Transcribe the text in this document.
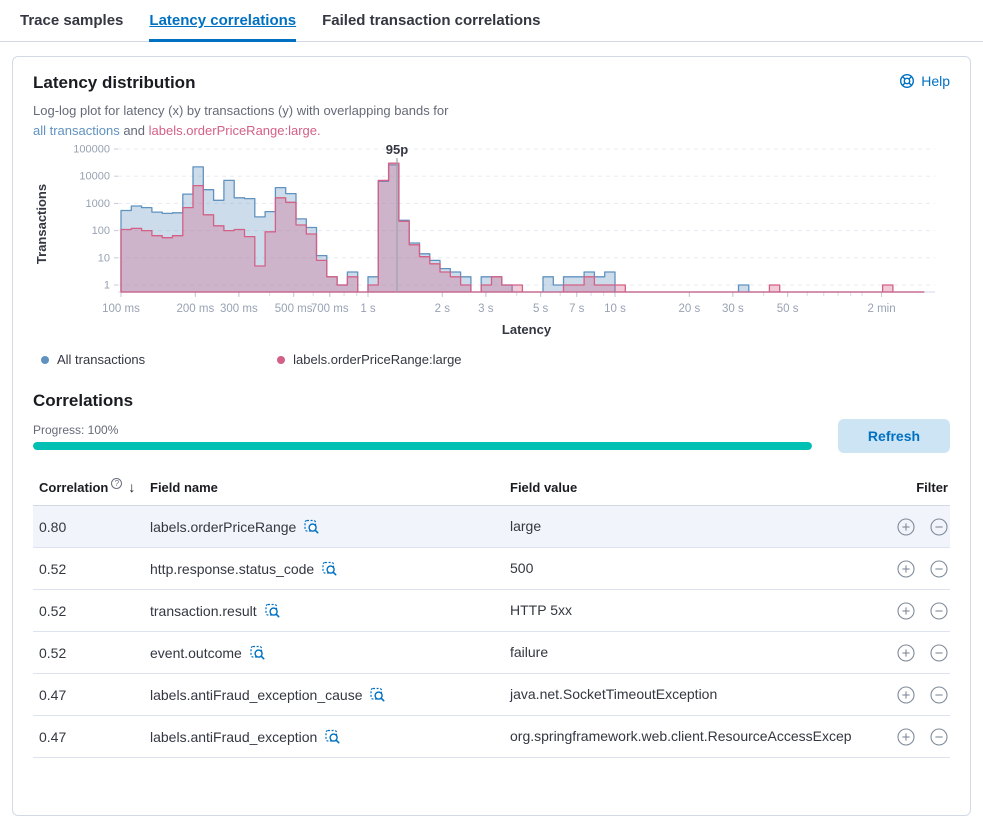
Trace samples Latency correlations Failed transaction correlations
Latency distribution	Help
Log-log plot for latency (x) by transactions (y) with overlapping bands for
all transactions and labels.orderPriceRange:large.
1
10
100
1000
10000
100000
100 ms	200 ms 300 ms 500 ms
700 ms 1 s	2 s 3 s	5 s 7 s 10 s	20 s 30 s	50 s	2 min
Transactions
Latency
95p
All transactions	labels.orderPriceRange:large
Correlations
Progress: 100%	Refresh
Correlation ? ↓ Field name	Field value	Filter
0.80	labels.orderPriceRange	large
0.52	http.response.status_code	500
0.52	transaction.result	HTTP 5xx
0.52	event.outcome	failure
0.47	labels.antiFraud_exception_cause	java.net.SocketTimeoutException
0.47	labels.antiFraud_exception	org.springframework.web.client.ResourceAccessExcep
